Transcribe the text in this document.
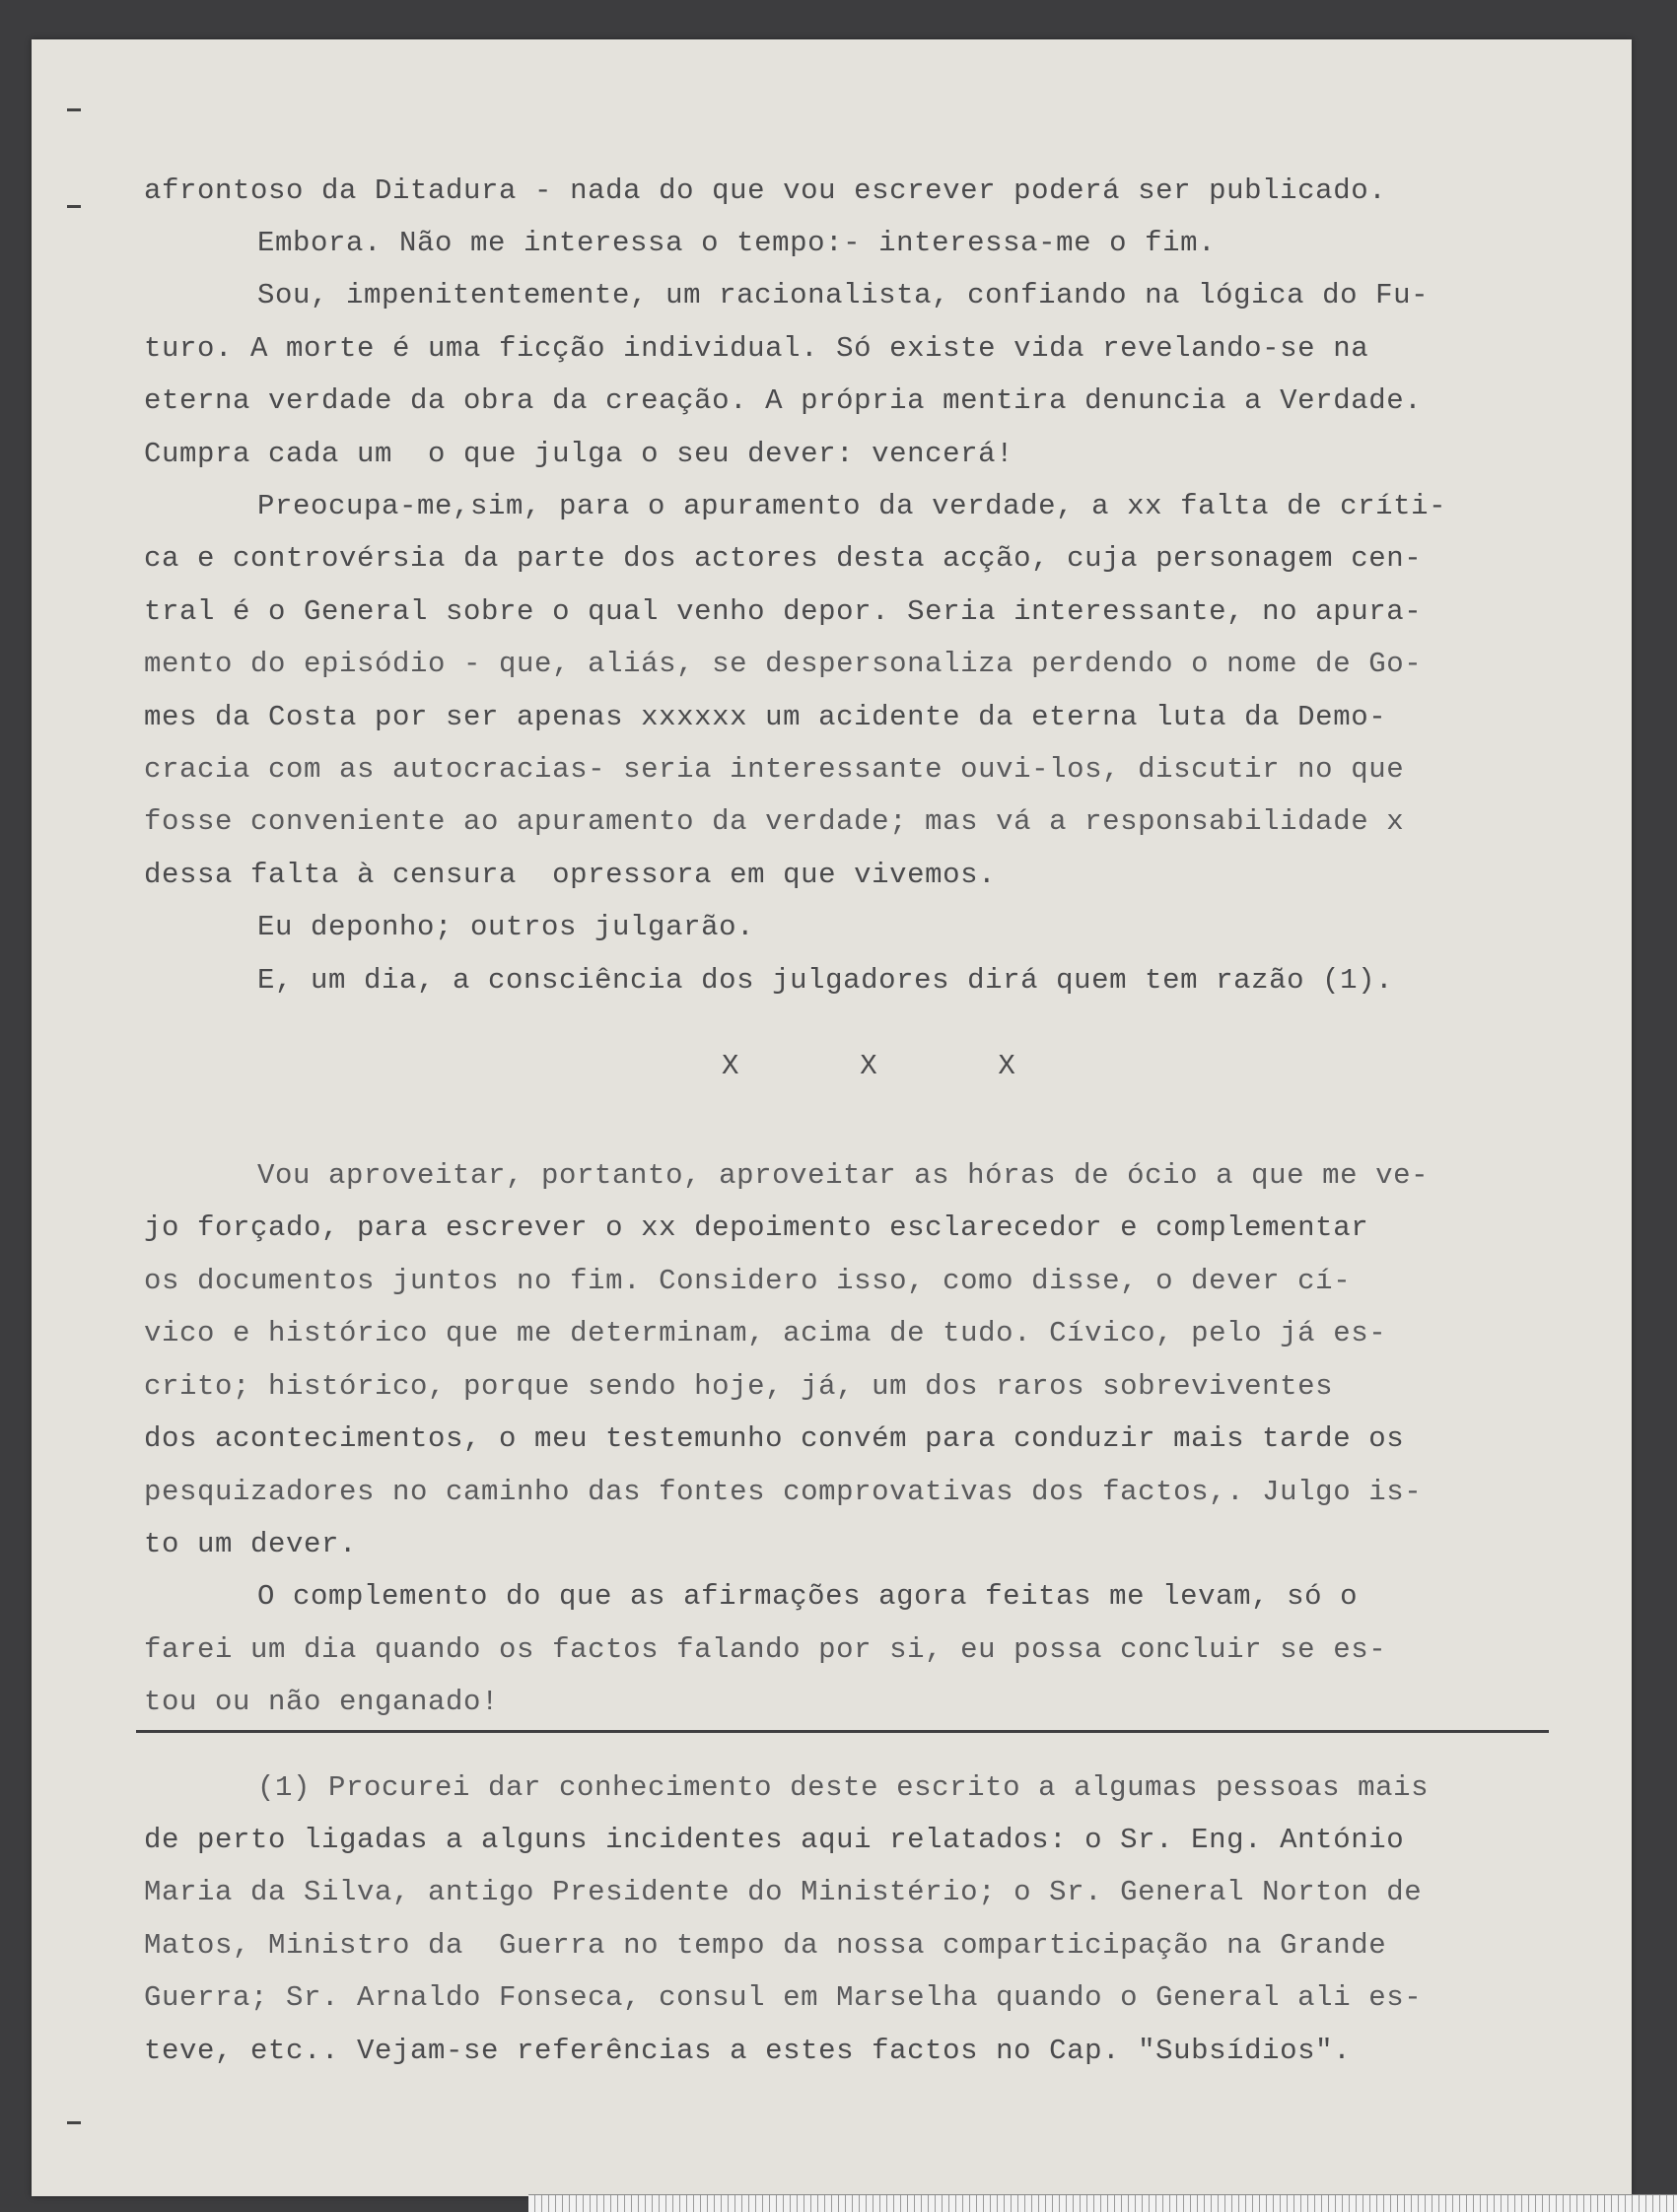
afrontoso da Ditadura - nada do que vou escrever poderá ser publicado.
Embora. Não me interessa o tempo:- interessa-me o fim.
Sou, impenitentemente, um racionalista, confiando na lógica do Fu-
turo. A morte é uma ficção individual. Só existe vida revelando-se na
eterna verdade da obra da creação. A própria mentira denuncia a Verdade.
Cumpra cada um  o que julga o seu dever: vencerá!
Preocupa-me,sim, para o apuramento da verdade, a xx falta de críti-
ca e controvérsia da parte dos actores desta acção, cuja personagem cen-
tral é o General sobre o qual venho depor. Seria interessante, no apura-
mento do episódio - que, aliás, se despersonaliza perdendo o nome de Go-
mes da Costa por ser apenas xxxxxx um acidente da eterna luta da Demo-
cracia com as autocracias- seria interessante ouvi-los, discutir no que
fosse conveniente ao apuramento da verdade; mas vá a responsabilidade x
dessa falta à censura  opressora em que vivemos.
Eu deponho; outros julgarão.
E, um dia, a consciência dos julgadores dirá quem tem razão (1).
X  X  X
Vou aproveitar, portanto, aproveitar as hóras de ócio a que me ve-
jo forçado, para escrever o xx depoimento esclarecedor e complementar
os documentos juntos no fim. Considero isso, como disse, o dever cí-
vico e histórico que me determinam, acima de tudo. Cívico, pelo já es-
crito; histórico, porque sendo hoje, já, um dos raros sobreviventes
dos acontecimentos, o meu testemunho convém para conduzir mais tarde os
pesquizadores no caminho das fontes comprovativas dos factos,. Julgo is-
to um dever.
O complemento do que as afirmações agora feitas me levam, só o
farei um dia quando os factos falando por si, eu possa concluir se es-
tou ou não enganado!
(1) Procurei dar conhecimento deste escrito a algumas pessoas mais
de perto ligadas a alguns incidentes aqui relatados: o Sr. Eng. António
Maria da Silva, antigo Presidente do Ministério; o Sr. General Norton de
Matos, Ministro da  Guerra no tempo da nossa comparticipação na Grande
Guerra; Sr. Arnaldo Fonseca, consul em Marselha quando o General ali es-
teve, etc.. Vejam-se referências a estes factos no Cap. "Subsídios".
